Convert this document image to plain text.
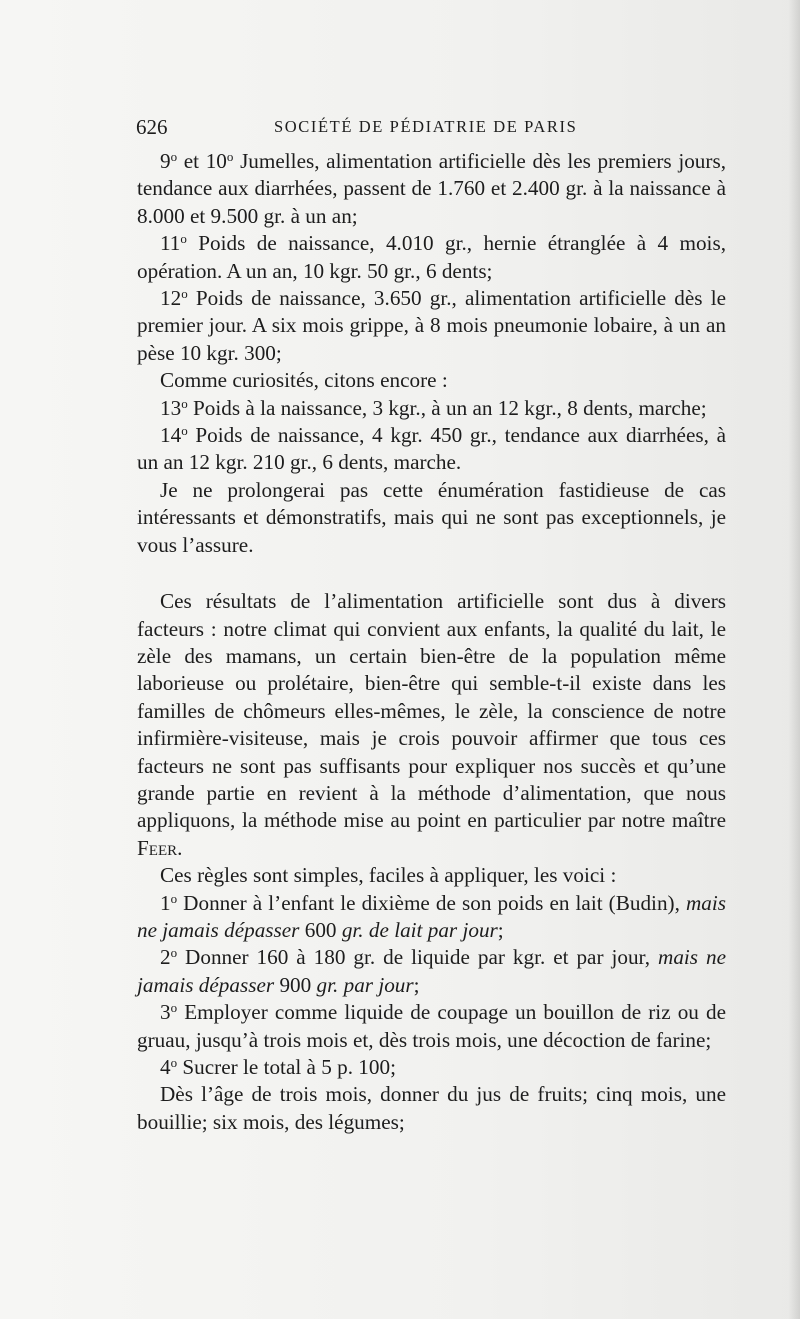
626	SOCIÉTÉ DE PÉDIATRIE DE PARIS

9$^o$ et 10$^o$ Jumelles, alimentation artificielle dès les premiers jours, tendance aux diarrhées, passent de 1.760 et 2.400 gr. à la naissance à 8.000 et 9.500 gr. à un an;

11$^o$ Poids de naissance, 4.010 gr., hernie étranglée à 4 mois, opération. A un an, 10 kgr. 50 gr., 6 dents;

12$^o$ Poids de naissance, 3.650 gr., alimentation artificielle dès le premier jour. A six mois grippe, à 8 mois pneumonie lobaire, à un an pèse 10 kgr. 300;

Comme curiosités, citons encore :

13$^o$ Poids à la naissance, 3 kgr., à un an 12 kgr., 8 dents, marche;

14$^o$ Poids de naissance, 4 kgr. 450 gr., tendance aux diarrhées, à un an 12 kgr. 210 gr., 6 dents, marche.

Je ne prolongerai pas cette énumération fastidieuse de cas intéressants et démonstratifs, mais qui ne sont pas exceptionnels, je vous l’assure.

Ces résultats de l’alimentation artificielle sont dus à divers facteurs : notre climat qui convient aux enfants, la qualité du lait, le zèle des mamans, un certain bien-être de la population même laborieuse ou prolétaire, bien-être qui semble-t-il existe dans les familles de chômeurs elles-mêmes, le zèle, la conscience de notre infirmière-visiteuse, mais je crois pouvoir affirmer que tous ces facteurs ne sont pas suffisants pour expliquer nos succès et qu’une grande partie en revient à la méthode d’alimentation, que nous appliquons, la méthode mise au point en particulier par notre maître Feer.

Ces règles sont simples, faciles à appliquer, les voici :

1$^o$ Donner à l’enfant le dixième de son poids en lait (Budin), mais ne jamais dépasser 600 gr. de lait par jour;

2$^o$ Donner 160 à 180 gr. de liquide par kgr. et par jour, mais ne jamais dépasser 900 gr. par jour;

3$^o$ Employer comme liquide de coupage un bouillon de riz ou de gruau, jusqu’à trois mois et, dès trois mois, une décoction de farine;

4$^o$ Sucrer le total à 5 p. 100;

Dès l’âge de trois mois, donner du jus de fruits; cinq mois, une bouillie; six mois, des légumes;
